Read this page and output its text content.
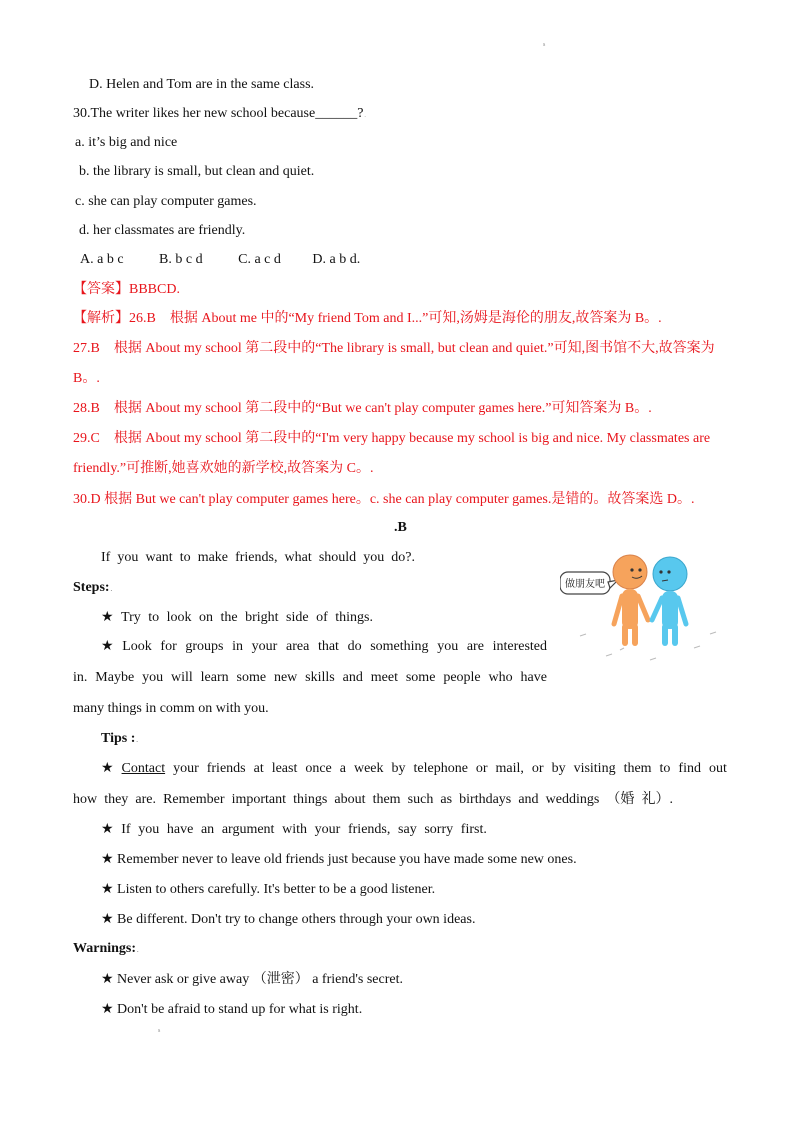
s
D. Helen and Tom are in the same class.
30.The writer likes her new school because______?.
a. it’s big and nice
b. the library is small, but clean and quiet.
c. she can play computer games.
d. her classmates are friendly.
A. a b c	B. b c d	C. a c d D. a b d.
【答案】BBBCD.
【解析】26.B　根据 About me 中的“My friend Tom and I...”可知,汤姆是海伦的朋友,故答案为 B。.
27.B　根据 About my school 第二段中的“The library is small, but clean and quiet.”可知,图书馆不大,故答案为
B。.
28.B　根据 About my school 第二段中的“But we can't play computer games here.”可知答案为 B。.
29.C　根据 About my school 第二段中的“I'm very happy because my school is big and nice. My classmates are
friendly.”可推断,她喜欢她的新学校,故答案为 C。.
30.D 根据 But we can't play computer games here。c. she can play computer games.是错的。故答案选 D。.
.B
If you want to make friends, what should you do?.
Steps:.
★ Try to look on the bright side of things.
★ Look for groups in your area that do something you are interested
in. Maybe you will learn some new skills and meet some people who have
many things in comm on with you.
做朋友吧
Tips :.
★ Contact your friends at least once a week by telephone or mail, or by visiting them to find out
how they are. Remember important things about them such as birthdays and weddings （婚 礼）.
★ If you have an argument with your friends, say sorry first.
★ Remember never to leave old friends just because you have made some new ones.
★ Listen to others carefully. It's better to be a good listener.
★ Be different. Don't try to change others through your own ideas.
Warnings:.
★ Never ask or give away （泄密） a friend's secret.
★ Don't be afraid to stand up for what is right.
s
